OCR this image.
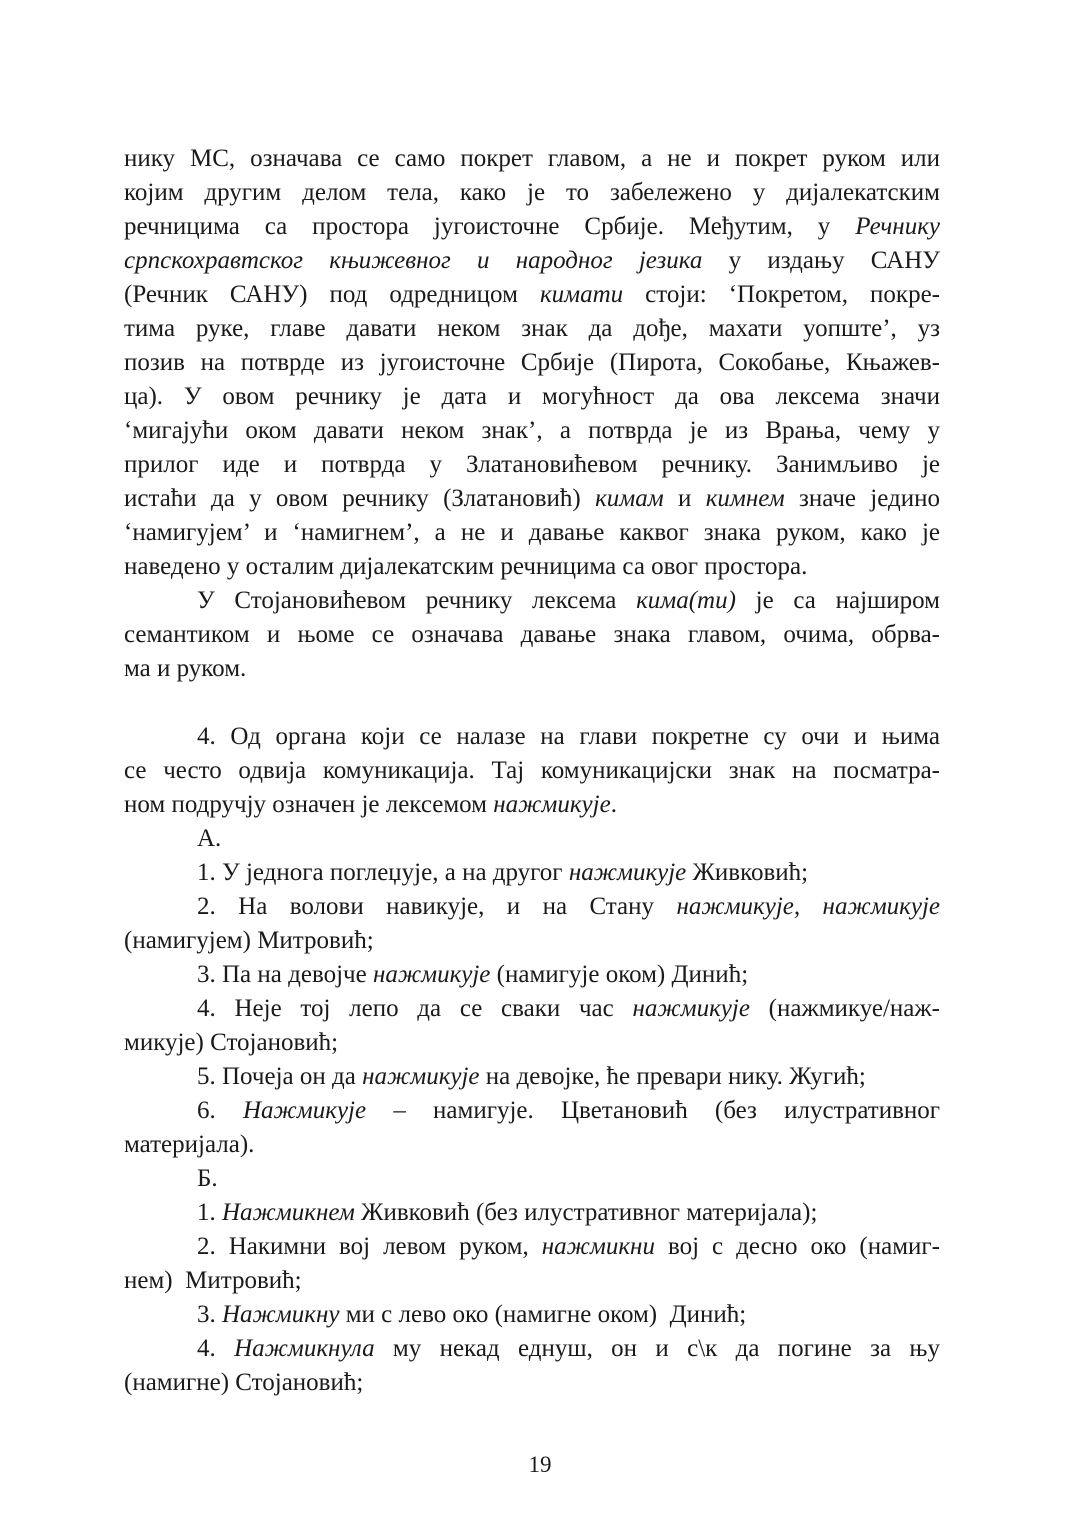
нику МС, означава се само покрет главом, а не и покрет руком или
којим другим делом тела, како је то забележено у дијалекатским
речницима са простора југоисточне Србије. Међутим, у Речнику
српскохравтског књижевног и народног језика у издању САНУ
(Речник САНУ) под одредницом кимати стоји: ‘Покретом, покре-
тима руке, главе давати неком знак да дође, махати уопште’, уз
позив на потврде из југоисточне Србије (Пирота, Сокобање, Књажев-
ца). У овом речнику је дата и могућност да ова лексема значи
‘мигајући оком давати неком знак’, а потврда је из Врања, чему у
прилог иде и потврда у Златановићевом речнику. Занимљиво је
истаћи да у овом речнику (Златановић) кимам и кимнем значе једино
‘намигујем’ и ‘намигнем’, а не и давање каквог знака руком, како је
наведено у осталим дијалекатским речницима са овог простора.
У Стојановићевом речнику лексема кима(ти) је са најширом
семантиком и њоме се означава давање знака главом, очима, обрва-
ма и руком.
4. Од органа који се налазе на глави покретне су очи и њима
се често одвија комуникација. Тај комуникацијски знак на посматра-
ном подручју означен је лексемом нажмикује.
А.
1. У једнога поглеџује, а на другог нажмикује Живковић;
2. На волови навикује, и на Стану нажмикује, нажмикује
(намигујем) Митровић;
3. Па на девојче нажмикује (намигује оком) Динић;
4. Неје тој лепо да се сваки час нажмикује (нажмикуе/наж-
микује) Стојановић;
5. Почеја он да нажмикује на девојке, ће превари нику. Жугић;
6. Нажмикује – намигује. Цветановић (без илустративног
материјала).
Б.
1. Нажмикнем Живковић (без илустративног материјала);
2. Накимни вој левом руком, нажмикни вој с десно око (намиг-
нем)  Митровић;
3. Нажмикну ми с лево око (намигне оком)  Динић;
4. Нажмикнула му некад еднуш, он и с\к да погине за њу
(намигне) Стојановић;
19
